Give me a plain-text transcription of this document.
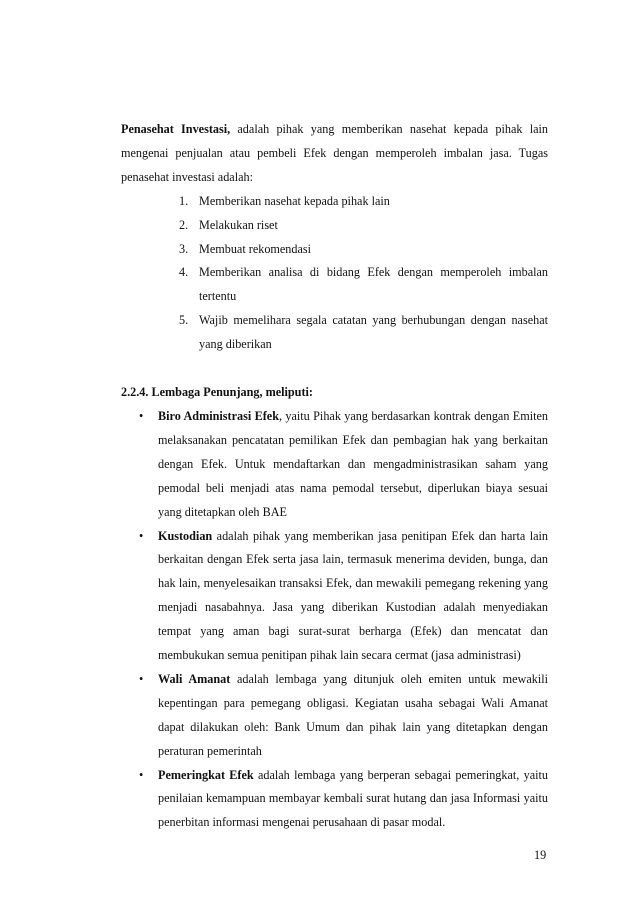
Penasehat Investasi, adalah pihak yang memberikan nasehat kepada pihak lain mengenai penjualan atau pembeli Efek dengan memperoleh imbalan jasa. Tugas penasehat investasi adalah:

1. Memberikan nasehat kepada pihak lain
2. Melakukan riset
3. Membuat rekomendasi
4. Memberikan analisa di bidang Efek dengan memperoleh imbalan tertentu
5. Wajib memelihara segala catatan yang berhubungan dengan nasehat yang diberikan
2.2.4. Lembaga Penunjang, meliputi:
• Biro Administrasi Efek, yaitu Pihak yang berdasarkan kontrak dengan Emiten melaksanakan pencatatan pemilikan Efek dan pembagian hak yang berkaitan dengan Efek. Untuk mendaftarkan dan mengadministrasikan saham yang pemodal beli menjadi atas nama pemodal tersebut, diperlukan biaya sesuai yang ditetapkan oleh BAE
• Kustodian adalah pihak yang memberikan jasa penitipan Efek dan harta lain berkaitan dengan Efek serta jasa lain, termasuk menerima deviden, bunga, dan hak lain, menyelesaikan transaksi Efek, dan mewakili pemegang rekening yang menjadi nasabahnya. Jasa yang diberikan Kustodian adalah menyediakan tempat yang aman bagi surat-surat berharga (Efek) dan mencatat dan membukukan semua penitipan pihak lain secara cermat (jasa administrasi)
• Wali Amanat adalah lembaga yang ditunjuk oleh emiten untuk mewakili kepentingan para pemegang obligasi. Kegiatan usaha sebagai Wali Amanat dapat dilakukan oleh: Bank Umum dan pihak lain yang ditetapkan dengan peraturan pemerintah
• Pemeringkat Efek adalah lembaga yang berperan sebagai pemeringkat, yaitu penilaian kemampuan membayar kembali surat hutang dan jasa Informasi yaitu penerbitan informasi mengenai perusahaan di pasar modal.
19
